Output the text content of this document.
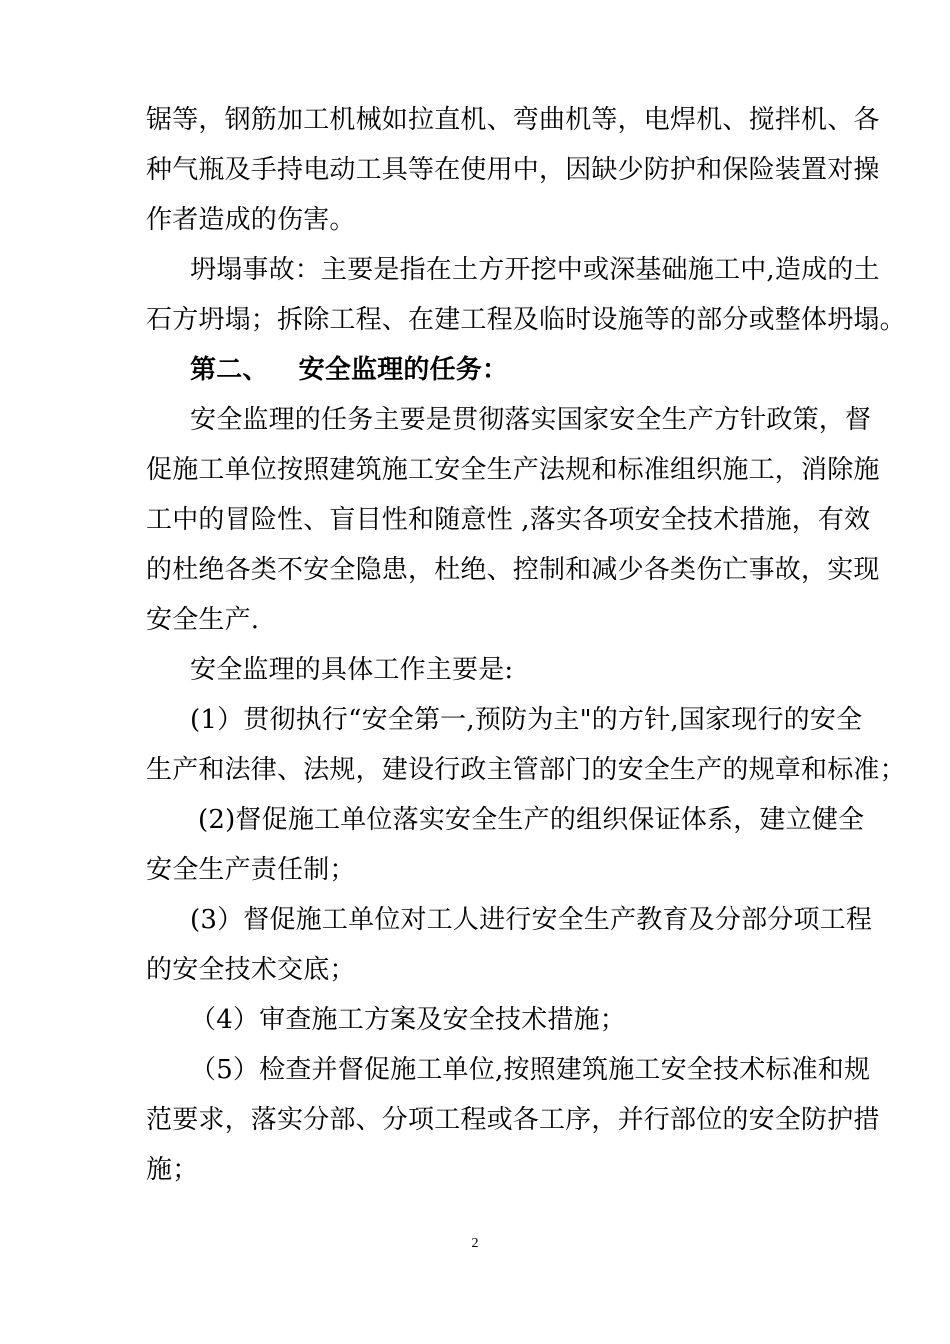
锯等，钢筋加工机械如拉直机、弯曲机等，电焊机、搅拌机、各
种气瓶及手持电动工具等在使用中，因缺少防护和保险装置对操
作者造成的伤害。
坍塌事故：主要是指在土方开挖中或深基础施工中,造成的土
石方坍塌；拆除工程、在建工程及临时设施等的部分或整体坍塌。
第二、 安全监理的任务：
安全监理的任务主要是贯彻落实国家安全生产方针政策，督
促施工单位按照建筑施工安全生产法规和标准组织施工，消除施
工中的冒险性、盲目性和随意性 ,落实各项安全技术措施，有效
的杜绝各类不安全隐患，杜绝、控制和减少各类伤亡事故，实现
安全生产.
安全监理的具体工作主要是:
(1）贯彻执行“安全第一,预防为主"的方针,国家现行的安全
生产和法律、法规，建设行政主管部门的安全生产的规章和标准；
(2)督促施工单位落实安全生产的组织保证体系，建立健全
安全生产责任制；
(3）督促施工单位对工人进行安全生产教育及分部分项工程
的安全技术交底；
（4）审查施工方案及安全技术措施；
（5）检查并督促施工单位,按照建筑施工安全技术标准和规
范要求，落实分部、分项工程或各工序，并行部位的安全防护措
施；
2
